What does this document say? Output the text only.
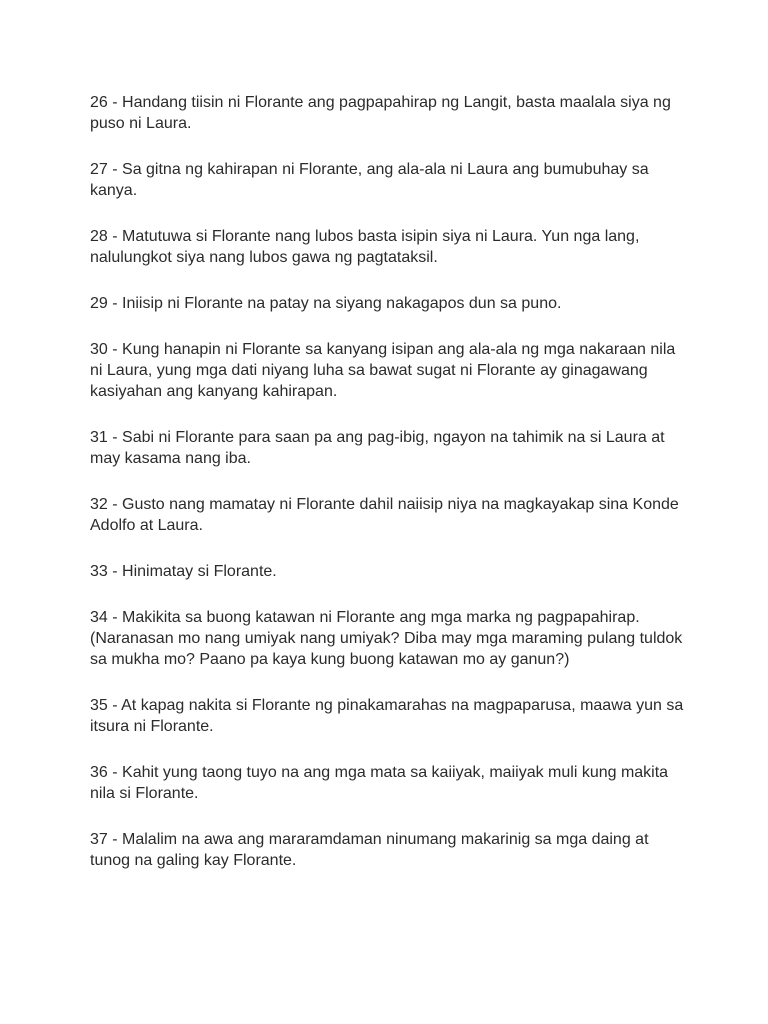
26 - Handang tiisin ni Florante ang pagpapahirap ng Langit, basta maalala siya ng puso ni Laura.

27 - Sa gitna ng kahirapan ni Florante, ang ala-ala ni Laura ang bumubuhay sa kanya.

28 - Matutuwa si Florante nang lubos basta isipin siya ni Laura. Yun nga lang, nalulungkot siya nang lubos gawa ng pagtataksil.

29 - Iniisip ni Florante na patay na siyang nakagapos dun sa puno.

30 - Kung hanapin ni Florante sa kanyang isipan ang ala-ala ng mga nakaraan nila ni Laura, yung mga dati niyang luha sa bawat sugat ni Florante ay ginagawang kasiyahan ang kanyang kahirapan.

31 - Sabi ni Florante para saan pa ang pag-ibig, ngayon na tahimik na si Laura at may kasama nang iba.

32 - Gusto nang mamatay ni Florante dahil naiisip niya na magkayakap sina Konde Adolfo at Laura.

33 - Hinimatay si Florante.

34 - Makikita sa buong katawan ni Florante ang mga marka ng pagpapahirap. (Naranasan mo nang umiyak nang umiyak? Diba may mga maraming pulang tuldok sa mukha mo? Paano pa kaya kung buong katawan mo ay ganun?)

35 - At kapag nakita si Florante ng pinakamarahas na magpaparusa, maawa yun sa itsura ni Florante.

36 - Kahit yung taong tuyo na ang mga mata sa kaiiyak, maiiyak muli kung makita nila si Florante.

37 - Malalim na awa ang mararamdaman ninumang makarinig sa mga daing at tunog na galing kay Florante.
